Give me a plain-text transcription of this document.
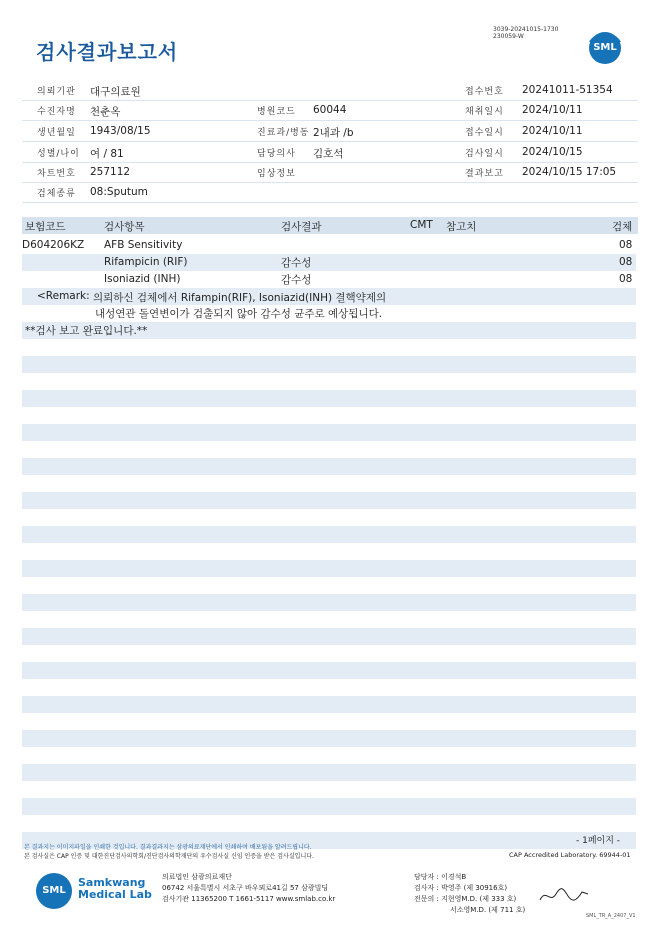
검사결과보고서
3039-20241015-1730
230059-W
SML
의뢰기관 대구의료원	접수번호 20241011-51354
수진자명 천춘옥	병원코드 60044	채취일시 2024/10/11
생년월일 1943/08/15	진료과/병동 2내과 /b	접수일시 2024/10/11
성별/나이 여 / 81	담당의사 김호석	검사일시 2024/10/15
차트번호 257112	임상정보	결과보고 2024/10/15 17:05
검체종류 08:Sputum
보험코드	검사항목	검사결과	CMT 참고치	검체
D604206KZ AFB Sensitivity	08
Rifampicin (RIF)	감수성	08
Isoniazid (INH)	감수성	08
<Remark: 의뢰하신 검체에서 Rifampin(RIF), Isoniazid(INH) 결핵약제의
내성연관 돌연변이가 검출되지 않아 감수성 균주로 예상됩니다.
**검사 보고 완료입니다.**
- 1페이지 -
본 결과지는 이미지파일을 인쇄한 것입니다. 결과결과지는 삼광의료재단에서 인쇄하여 배포됨을 알려드립니다.
본 검사실은 CAP 인증 및 대한진단검사의학회/진단검사의학재단의 우수검사실 신임 인증을 받은 검사실입니다.	CAP Accredited Laboratory. 69944-01
SML
Samkwang
Medical Lab
의료법인 삼광의료재단
06742 서울특별시 서초구 바우뫼로41길 57 삼광빌딩
검사기관 11365200 T 1661-5117 www.smlab.co.kr
담당자 : 이경석B
검사자 : 박영주 (제 30916호)
전문의 : 지현영M.D. (제 333 호)
서소영M.D. (제 711 호)
SML_TR_A_2407_V1
